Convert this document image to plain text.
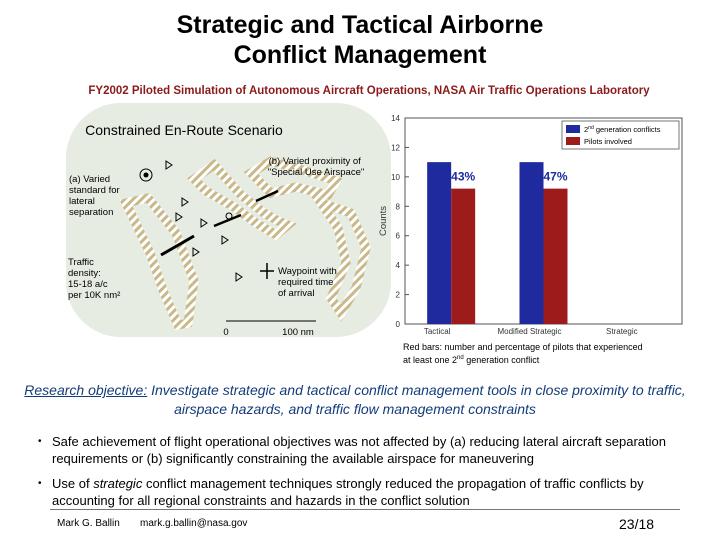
Strategic and Tactical Airborne
Conflict Management
FY2002 Piloted Simulation of Autonomous Aircraft Operations, NASA Air Traffic Operations Laboratory
Constrained En-Route Scenario
(a) Varied standard for lateral separation
(b) Varied proximity of "Special Use Airspace"
Traffic density: 15-18 a/c per 10K nm²
Waypoint with required time of arrival
0	100 nm
0
2
4
6
8
10
12
14
Counts
43%
Tactical
47%
Modified Strategic	Strategic
2nd generation conflicts
Pilots involved
Red bars: number and percentage of pilots that experienced
at least one 2nd generation conflict
Research objective: Investigate strategic and tactical conflict management tools in close proximity to traffic, airspace hazards, and traffic flow management constraints
• Safe achievement of flight operational objectives was not affected by (a) reducing lateral aircraft separation requirements or (b) significantly constraining the available airspace for maneuvering
• Use of strategic conflict management techniques strongly reduced the propagation of traffic conflicts by accounting for all regional constraints and hazards in the conflict solution
Mark G. Ballin mark.g.ballin@nasa.gov	23/18
